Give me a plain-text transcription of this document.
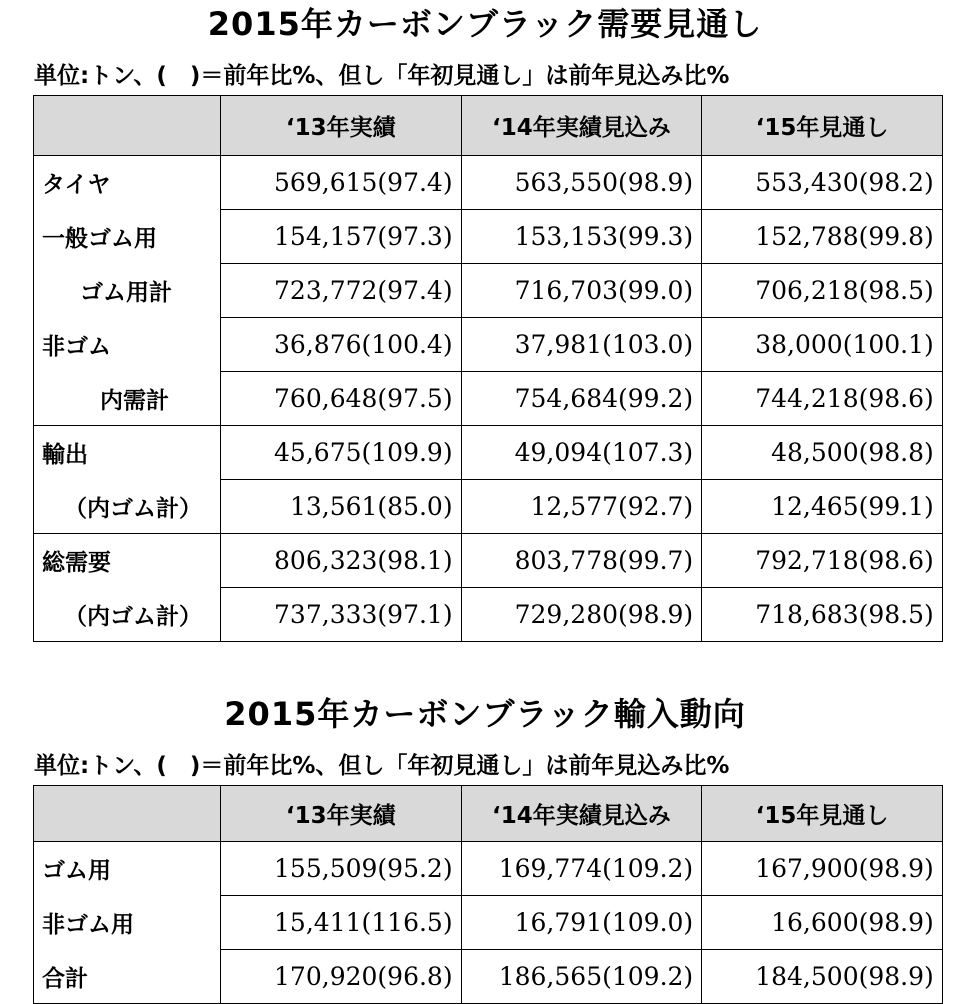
2015年カーボンブラック需要見通し
単位:トン、(　)＝前年比%、但し「年初見通し」は前年見込み比%
	‘13年実績	‘14年実績見込み	‘15年見通し
タイヤ	569,615(97.4)	563,550(98.9)	553,430(98.2)
一般ゴム用	154,157(97.3)	153,153(99.3)	152,788(99.8)
ゴム用計	723,772(97.4)	716,703(99.0)	706,218(98.5)
非ゴム	36,876(100.4)	37,981(103.0)	38,000(100.1)
内需計	760,648(97.5)	754,684(99.2)	744,218(98.6)
輸出	45,675(109.9)	49,094(107.3)	48,500(98.8)
（内ゴム計）	13,561(85.0)	12,577(92.7)	12,465(99.1)
総需要	806,323(98.1)	803,778(99.7)	792,718(98.6)
（内ゴム計）	737,333(97.1)	729,280(98.9)	718,683(98.5)
2015年カーボンブラック輸入動向
単位:トン、(　)＝前年比%、但し「年初見通し」は前年見込み比%
	‘13年実績	‘14年実績見込み	‘15年見通し
ゴム用	155,509(95.2)	169,774(109.2)	167,900(98.9)
非ゴム用	15,411(116.5)	16,791(109.0)	16,600(98.9)
合計	170,920(96.8)	186,565(109.2)	184,500(98.9)
